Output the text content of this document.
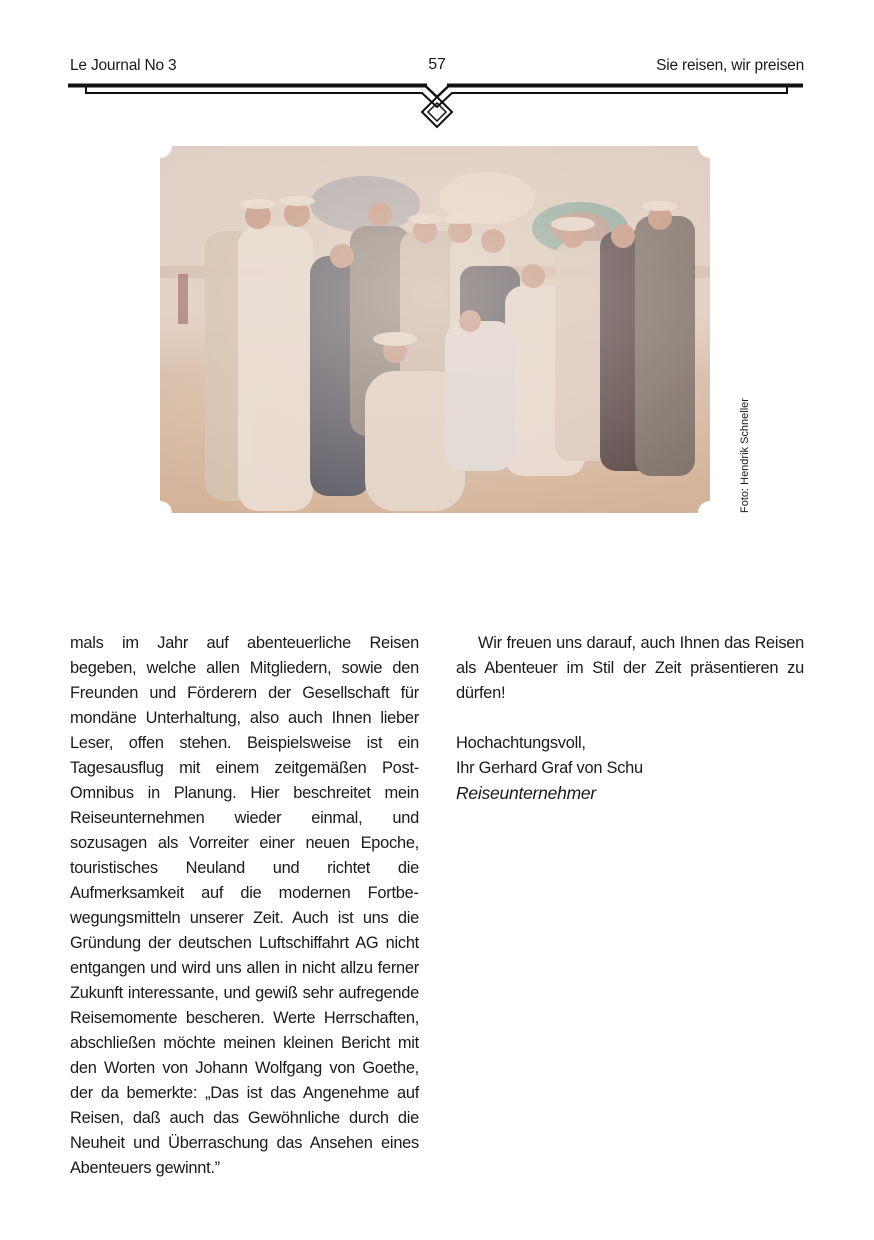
Le Journal No 3	57	Sie reisen, wir preisen
Foto: Hendrik Schneller
mals im Jahr auf abenteuerliche Reisen begeben, welche allen Mitgliedern, sowie den Freunden und Förderern der Gesellschaft für mondäne Unterhaltung, also auch Ihnen lieber Leser, offen stehen. Beispielsweise ist ein Tagesausflug mit einem zeitgemäßen Post-Omnibus in Planung. Hier beschreitet mein Reiseunternehmen wieder einmal, und sozusagen als Vorreiter einer neuen Epoche, touristisches Neuland und richtet die Aufmerksamkeit auf die modernen Fortbewegungsmitteln unserer Zeit. Auch ist uns die Gründung der deutschen Luftschiffahrt AG nicht entgangen und wird uns allen in nicht allzu ferner Zukunft interessante, und gewiß sehr aufregende Reisemomente bescheren. Werte Herrschaften, abschließen möchte meinen kleinen Bericht mit den Worten von Johann Wolfgang von Goethe, der da bemerkte: „Das ist das Angenehme auf Reisen, daß auch das Gewöhnliche durch die Neuheit und Überraschung das Ansehen eines Abenteuers gewinnt.”

Wir freuen uns darauf, auch Ihnen das Reisen als Abenteuer im Stil der Zeit präsentieren zu dürfen!

Hochachtungsvoll,
Ihr Gerhard Graf von Schu
Reiseunternehmer
